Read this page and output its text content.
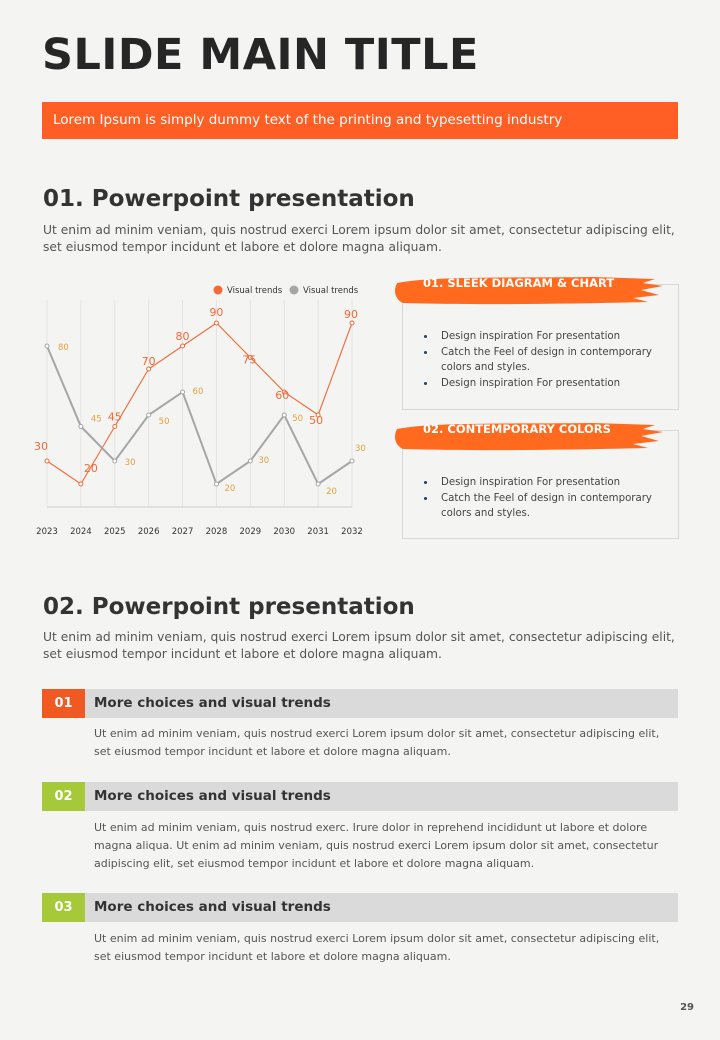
SLIDE MAIN TITLE
Lorem Ipsum is simply dummy text of the printing and typesetting industry
01. Powerpoint presentation
Ut enim ad minim veniam, quis nostrud exerci Lorem ipsum dolor sit amet, consectetur adipiscing elit, set eiusmod tempor incidunt et labore et dolore magna aliquam.
30
20
45
70
80
90
75
60
50
90
80
45
30
50
60
20
30
50
20
30
2023 2024 2025 2026 2027 2028 2029 2030 2031 2032
Visual trends Visual trends
01. SLEEK DIAGRAM & CHART
Design inspiration For presentation
Catch the Feel of design in contemporary colors and styles.
Design inspiration For presentation
02. CONTEMPORARY COLORS
Design inspiration For presentation
Catch the Feel of design in contemporary colors and styles.
02. Powerpoint presentation
Ut enim ad minim veniam, quis nostrud exerci Lorem ipsum dolor sit amet, consectetur adipiscing elit, set eiusmod tempor incidunt et labore et dolore magna aliquam.
01	More choices and visual trends
Ut enim ad minim veniam, quis nostrud exerci Lorem ipsum dolor sit amet, consectetur adipiscing elit, set eiusmod tempor incidunt et labore et dolore magna aliquam.
02	More choices and visual trends
Ut enim ad minim veniam, quis nostrud exerc. Irure dolor in reprehend incididunt ut labore et dolore magna aliqua. Ut enim ad minim veniam, quis nostrud exerci Lorem ipsum dolor sit amet, consectetur adipiscing elit, set eiusmod tempor incidunt et labore et dolore magna aliquam.
03	More choices and visual trends
Ut enim ad minim veniam, quis nostrud exerci Lorem ipsum dolor sit amet, consectetur adipiscing elit, set eiusmod tempor incidunt et labore et dolore magna aliquam.
29
